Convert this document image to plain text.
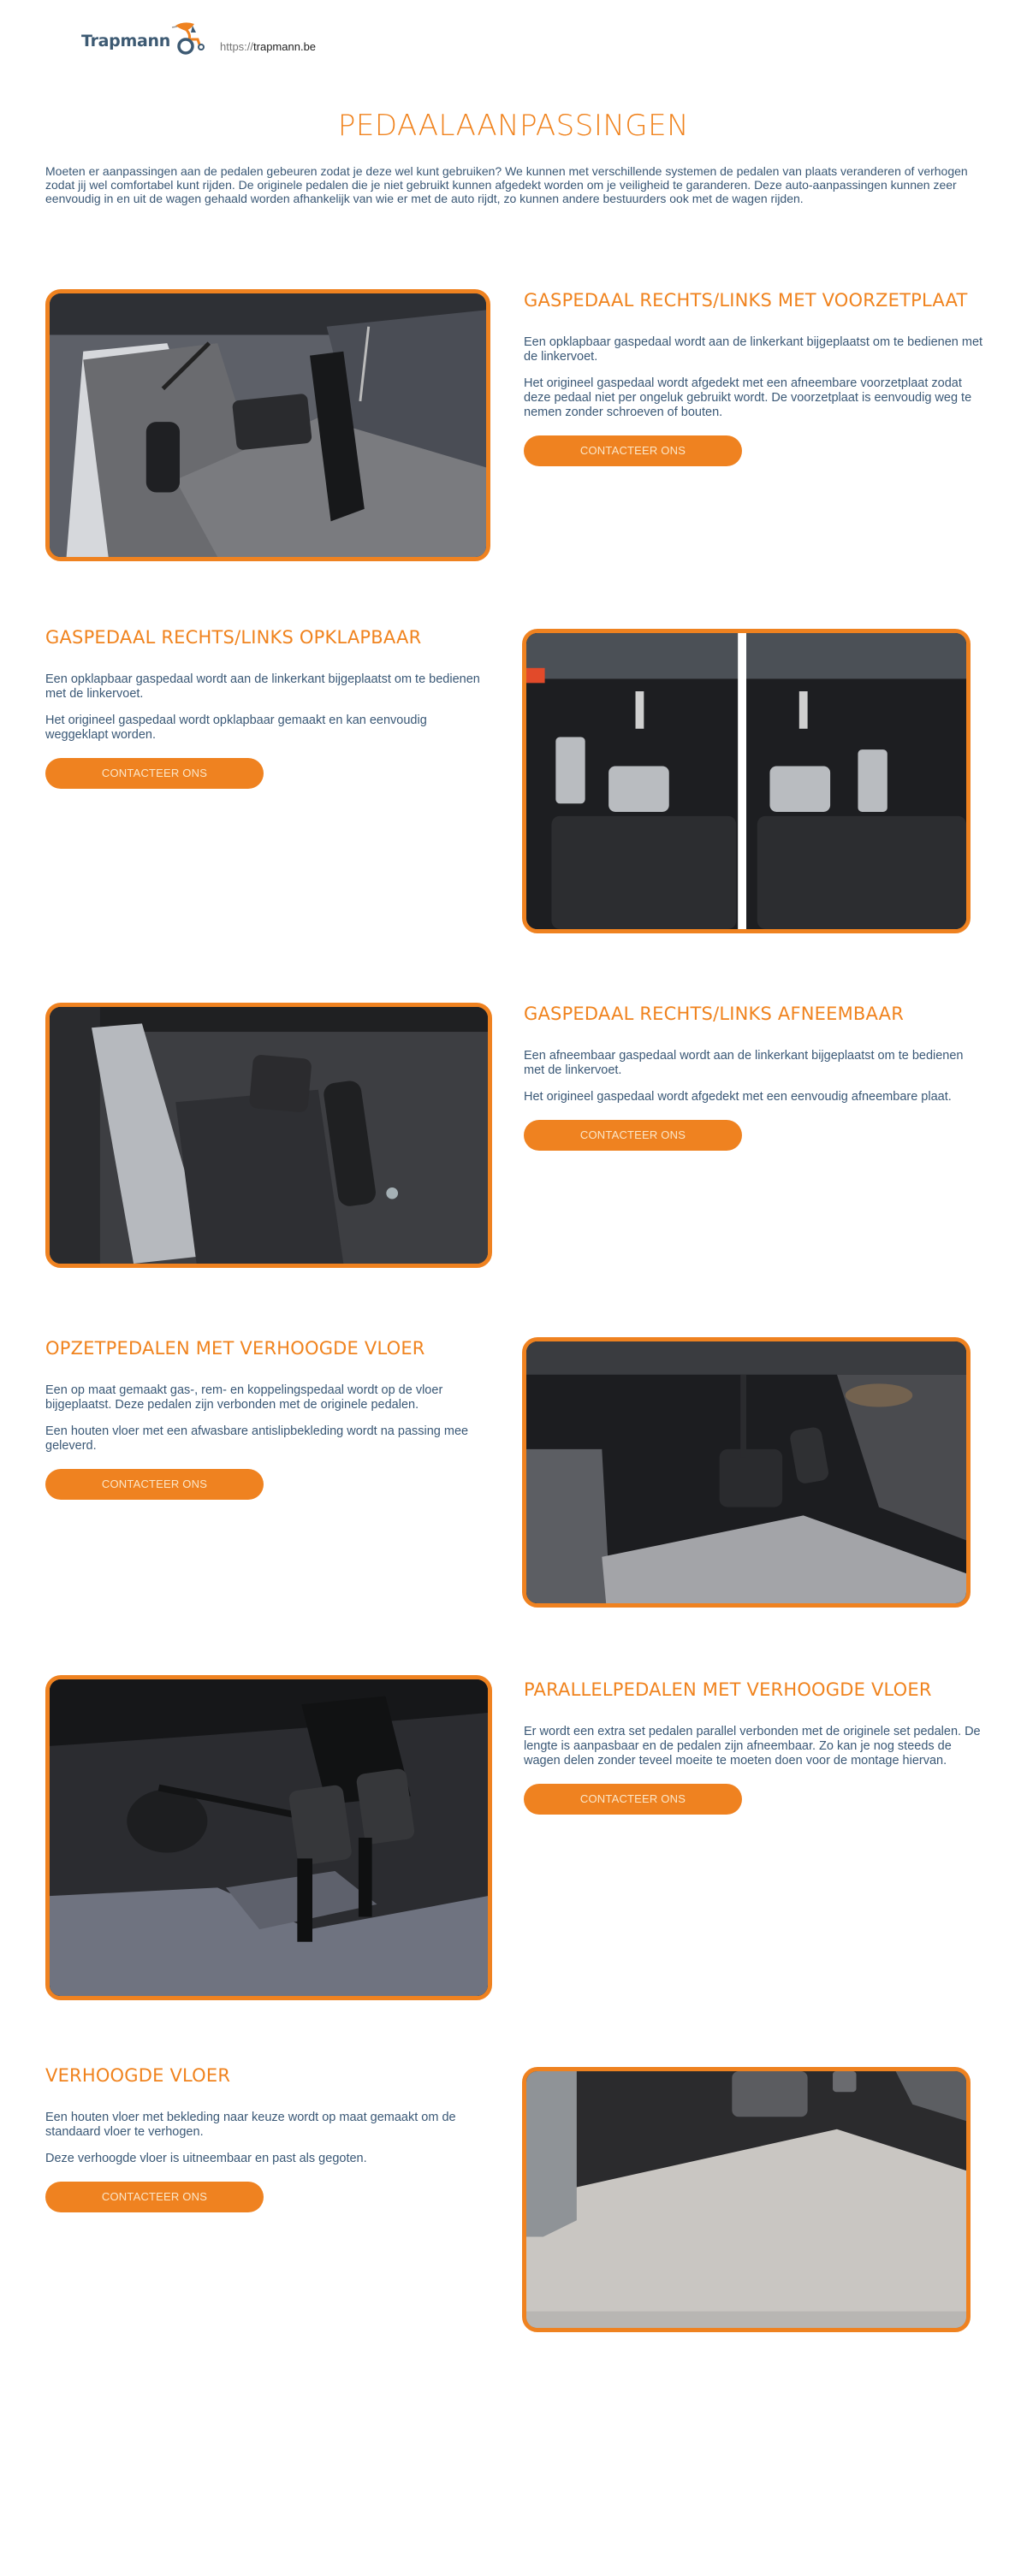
Trapmann	https://trapmann.be
PEDAALAANPASSINGEN

Moeten er aanpassingen aan de pedalen gebeuren zodat je deze wel kunt gebruiken? We kunnen met verschillende systemen de pedalen van plaats veranderen of verhogen zodat jij wel comfortabel kunt rijden. De originele pedalen die je niet gebruikt kunnen afgedekt worden om je veiligheid te garanderen. Deze auto-aanpassingen kunnen zeer eenvoudig in en uit de wagen gehaald worden afhankelijk van wie er met de auto rijdt, zo kunnen andere bestuurders ook met de wagen rijden.

GASPEDAAL RECHTS/LINKS MET VOORZETPLAAT

Een opklapbaar gaspedaal wordt aan de linkerkant bijgeplaatst om te bedienen met de linkervoet.

Het origineel gaspedaal wordt afgedekt met een afneembare voorzetplaat zodat deze pedaal niet per ongeluk gebruikt wordt. De voorzetplaat is eenvoudig weg te nemen zonder schroeven of bouten.

CONTACTEER ONS
GASPEDAAL RECHTS/LINKS OPKLAPBAAR

Een opklapbaar gaspedaal wordt aan de linkerkant bijgeplaatst om te bedienen met de linkervoet.

Het origineel gaspedaal wordt opklapbaar gemaakt en kan eenvoudig weggeklapt worden.

CONTACTEER ONS
GASPEDAAL RECHTS/LINKS AFNEEMBAAR

Een afneembaar gaspedaal wordt aan de linkerkant bijgeplaatst om te bedienen met de linkervoet.

Het origineel gaspedaal wordt afgedekt met een eenvoudig afneembare plaat.

CONTACTEER ONS
OPZETPEDALEN MET VERHOOGDE VLOER

Een op maat gemaakt gas-, rem- en koppelingspedaal wordt op de vloer bijgeplaatst. Deze pedalen zijn verbonden met de originele pedalen.

Een houten vloer met een afwasbare antislipbekleding wordt na passing mee geleverd.

CONTACTEER ONS
PARALLELPEDALEN MET VERHOOGDE VLOER

Er wordt een extra set pedalen parallel verbonden met de originele set pedalen. De lengte is aanpasbaar en de pedalen zijn afneembaar. Zo kan je nog steeds de wagen delen zonder teveel moeite te moeten doen voor de montage hiervan.

CONTACTEER ONS
VERHOOGDE VLOER

Een houten vloer met bekleding naar keuze wordt op maat gemaakt om de standaard vloer te verhogen.

Deze verhoogde vloer is uitneembaar en past als gegoten.

CONTACTEER ONS
